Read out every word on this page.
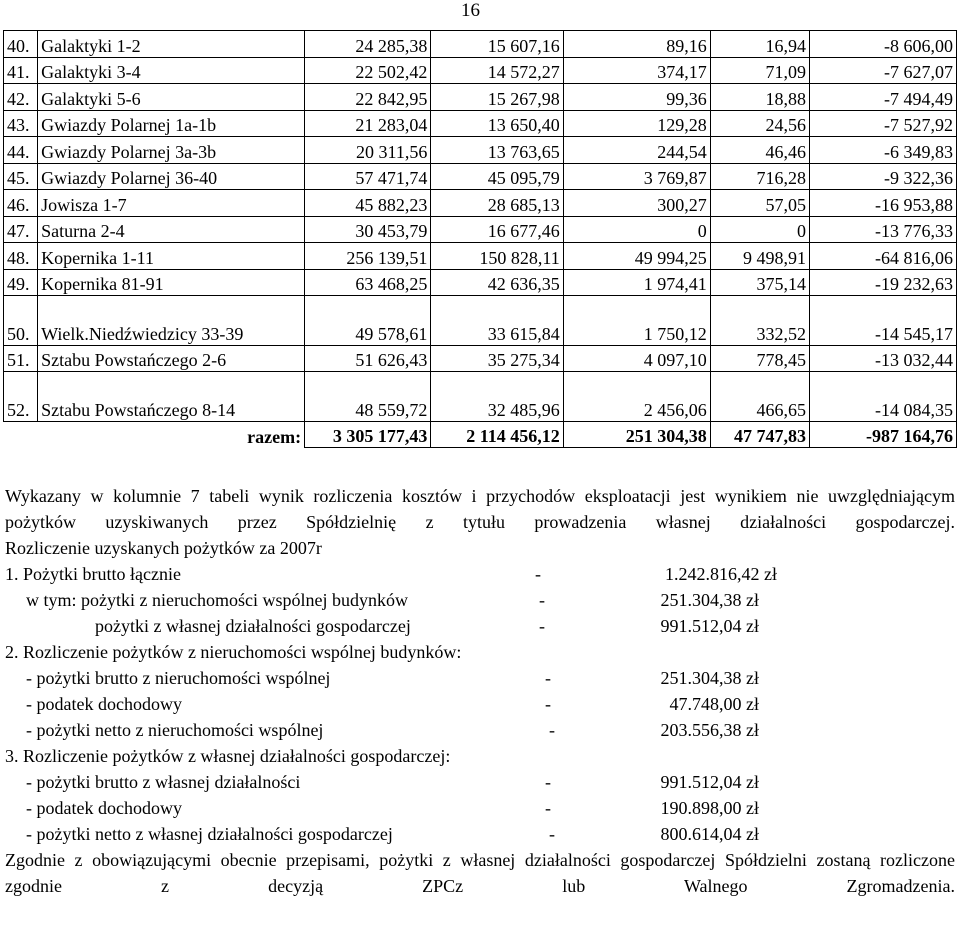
16
40.	Galaktyki 1-2	24 285,38	15 607,16	89,16	16,94	-8 606,00
41.	Galaktyki 3-4	22 502,42	14 572,27	374,17	71,09	-7 627,07
42.	Galaktyki 5-6	22 842,95	15 267,98	99,36	18,88	-7 494,49
43.	Gwiazdy Polarnej 1a-1b	21 283,04	13 650,40	129,28	24,56	-7 527,92
44.	Gwiazdy Polarnej 3a-3b	20 311,56	13 763,65	244,54	46,46	-6 349,83
45.	Gwiazdy Polarnej 36-40	57 471,74	45 095,79	3 769,87	716,28	-9 322,36
46.	Jowisza 1-7	45 882,23	28 685,13	300,27	57,05	-16 953,88
47.	Saturna 2-4	30 453,79	16 677,46	0	0	-13 776,33
48.	Kopernika 1-11	256 139,51	150 828,11	49 994,25	9 498,91	-64 816,06
49.	Kopernika 81-91	63 468,25	42 636,35	1 974,41	375,14	-19 232,63
50.	Wielk.Niedźwiedzicy 33-39	49 578,61	33 615,84	1 750,12	332,52	-14 545,17
51.	Sztabu Powstańczego 2-6	51 626,43	35 275,34	4 097,10	778,45	-13 032,44
52.	Sztabu Powstańczego 8-14	48 559,72	32 485,96	2 456,06	466,65	-14 084,35
razem:		3 305 177,43	2 114 456,12	251 304,38	47 747,83	-987 164,76
Wykazany w kolumnie 7 tabeli wynik rozliczenia kosztów i przychodów eksploatacji jest wynikiem nie uwzględniającym pożytków uzyskiwanych przez Spółdzielnię z tytułu prowadzenia własnej działalności gospodarczej.
Rozliczenie uzyskanych pożytków za 2007r
1. Pożytki brutto łącznie	-	1.242.816,42 zł
w tym: pożytki z nieruchomości wspólnej budynków	-	251.304,38 zł
pożytki z własnej działalności gospodarczej	-	991.512,04 zł
2. Rozliczenie pożytków z nieruchomości wspólnej budynków:
- pożytki brutto z nieruchomości wspólnej	-	251.304,38 zł
- podatek dochodowy	-	47.748,00 zł
- pożytki netto z nieruchomości wspólnej	-	203.556,38 zł
3. Rozliczenie pożytków z własnej działalności gospodarczej:
- pożytki brutto z własnej działalności	-	991.512,04 zł
- podatek dochodowy	-	190.898,00 zł
- pożytki netto z własnej działalności gospodarczej	-	800.614,04 zł
Zgodnie z obowiązującymi obecnie przepisami, pożytki z własnej działalności gospodarczej Spółdzielni zostaną rozliczone zgodnie z decyzją ZPCz lub Walnego Zgromadzenia.
